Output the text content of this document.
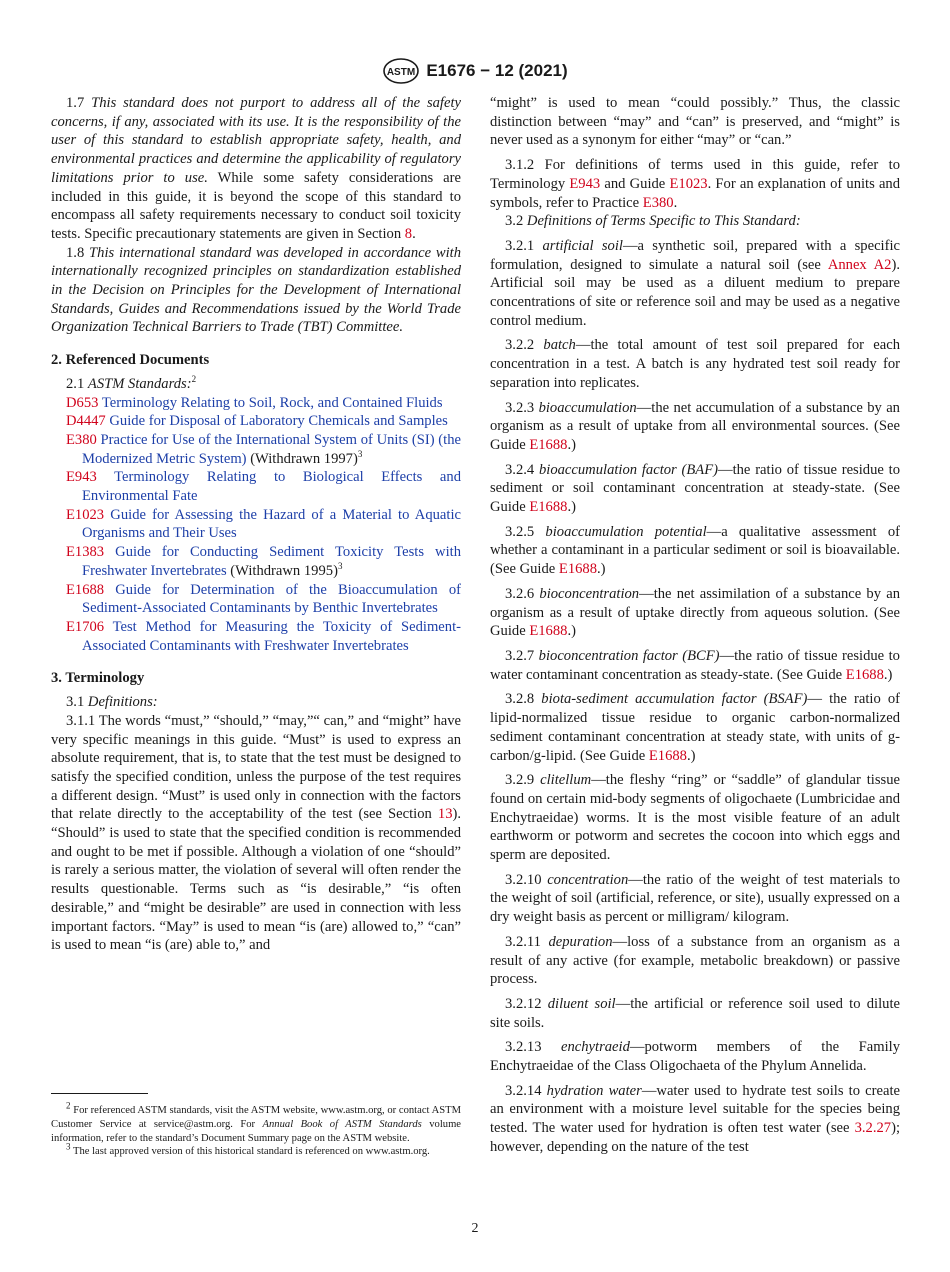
ASTM E1676 − 12 (2021)

1.7 This standard does not purport to address all of the safety concerns, if any, associated with its use. It is the responsibility of the user of this standard to establish appropriate safety, health, and environmental practices and determine the applicability of regulatory limitations prior to use. While some safety considerations are included in this guide, it is beyond the scope of this standard to encompass all safety requirements necessary to conduct soil toxicity tests. Specific precautionary statements are given in Section 8.

1.8 This international standard was developed in accordance with internationally recognized principles on standardization established in the Decision on Principles for the Development of International Standards, Guides and Recommendations issued by the World Trade Organization Technical Barriers to Trade (TBT) Committee.

2. Referenced Documents

2.1 ASTM Standards:$^2$

D653 Terminology Relating to Soil, Rock, and Contained Fluids

D4447 Guide for Disposal of Laboratory Chemicals and Samples

E380 Practice for Use of the International System of Units (SI) (the Modernized Metric System) (Withdrawn 1997)$^3$

E943 Terminology Relating to Biological Effects and Environmental Fate

E1023 Guide for Assessing the Hazard of a Material to Aquatic Organisms and Their Uses

E1383 Guide for Conducting Sediment Toxicity Tests with Freshwater Invertebrates (Withdrawn 1995)$^3$

E1688 Guide for Determination of the Bioaccumulation of Sediment-Associated Contaminants by Benthic Invertebrates

E1706 Test Method for Measuring the Toxicity of Sediment-Associated Contaminants with Freshwater Invertebrates

3. Terminology

3.1 Definitions:

3.1.1 The words “must,” “should,” “may,”“ can,” and “might” have very specific meanings in this guide. “Must” is used to express an absolute requirement, that is, to state that the test must be designed to satisfy the specified condition, unless the purpose of the test requires a different design. “Must” is used only in connection with the factors that relate directly to the acceptability of the test (see Section 13). “Should” is used to state that the specified condition is recommended and ought to be met if possible. Although a violation of one “should” is rarely a serious matter, the violation of several will often render the results questionable. Terms such as “is desirable,” “is often desirable,” and “might be desirable” are used in connection with less important factors. “May” is used to mean “is (are) allowed to,” “can” is used to mean “is (are) able to,” and

$^2$ For referenced ASTM standards, visit the ASTM website, www.astm.org, or contact ASTM Customer Service at service@astm.org. For Annual Book of ASTM Standards volume information, refer to the standard’s Document Summary page on the ASTM website.

$^3$ The last approved version of this historical standard is referenced on www.astm.org.

“might” is used to mean “could possibly.” Thus, the classic distinction between “may” and “can” is preserved, and “might” is never used as a synonym for either “may” or “can.”

3.1.2 For definitions of terms used in this guide, refer to Terminology E943 and Guide E1023. For an explanation of units and symbols, refer to Practice E380.

3.2 Definitions of Terms Specific to This Standard:

3.2.1 artificial soil—a synthetic soil, prepared with a specific formulation, designed to simulate a natural soil (see Annex A2). Artificial soil may be used as a diluent medium to prepare concentrations of site or reference soil and may be used as a negative control medium.

3.2.2 batch—the total amount of test soil prepared for each concentration in a test. A batch is any hydrated test soil ready for separation into replicates.

3.2.3 bioaccumulation—the net accumulation of a substance by an organism as a result of uptake from all environmental sources. (See Guide E1688.)

3.2.4 bioaccumulation factor (BAF)—the ratio of tissue residue to sediment or soil contaminant concentration at steady-state. (See Guide E1688.)

3.2.5 bioaccumulation potential—a qualitative assessment of whether a contaminant in a particular sediment or soil is bioavailable. (See Guide E1688.)

3.2.6 bioconcentration—the net assimilation of a substance by an organism as a result of uptake directly from aqueous solution. (See Guide E1688.)

3.2.7 bioconcentration factor (BCF)—the ratio of tissue residue to water contaminant concentration as steady-state. (See Guide E1688.)

3.2.8 biota-sediment accumulation factor (BSAF)— the ratio of lipid-normalized tissue residue to organic carbon-normalized sediment contaminant concentration at steady state, with units of g-carbon/g-lipid. (See Guide E1688.)

3.2.9 clitellum—the fleshy “ring” or “saddle” of glandular tissue found on certain mid-body segments of oligochaete (Lumbricidae and Enchytraeidae) worms. It is the most visible feature of an adult earthworm or potworm and secretes the cocoon into which eggs and sperm are deposited.

3.2.10 concentration—the ratio of the weight of test materials to the weight of soil (artificial, reference, or site), usually expressed on a dry weight basis as percent or milligram/ kilogram.

3.2.11 depuration—loss of a substance from an organism as a result of any active (for example, metabolic breakdown) or passive process.

3.2.12 diluent soil—the artificial or reference soil used to dilute site soils.

3.2.13 enchytraeid—potworm members of the Family Enchytraeidae of the Class Oligochaeta of the Phylum Annelida.

3.2.14 hydration water—water used to hydrate test soils to create an environment with a moisture level suitable for the species being tested. The water used for hydration is often test water (see 3.2.27); however, depending on the nature of the test

2
